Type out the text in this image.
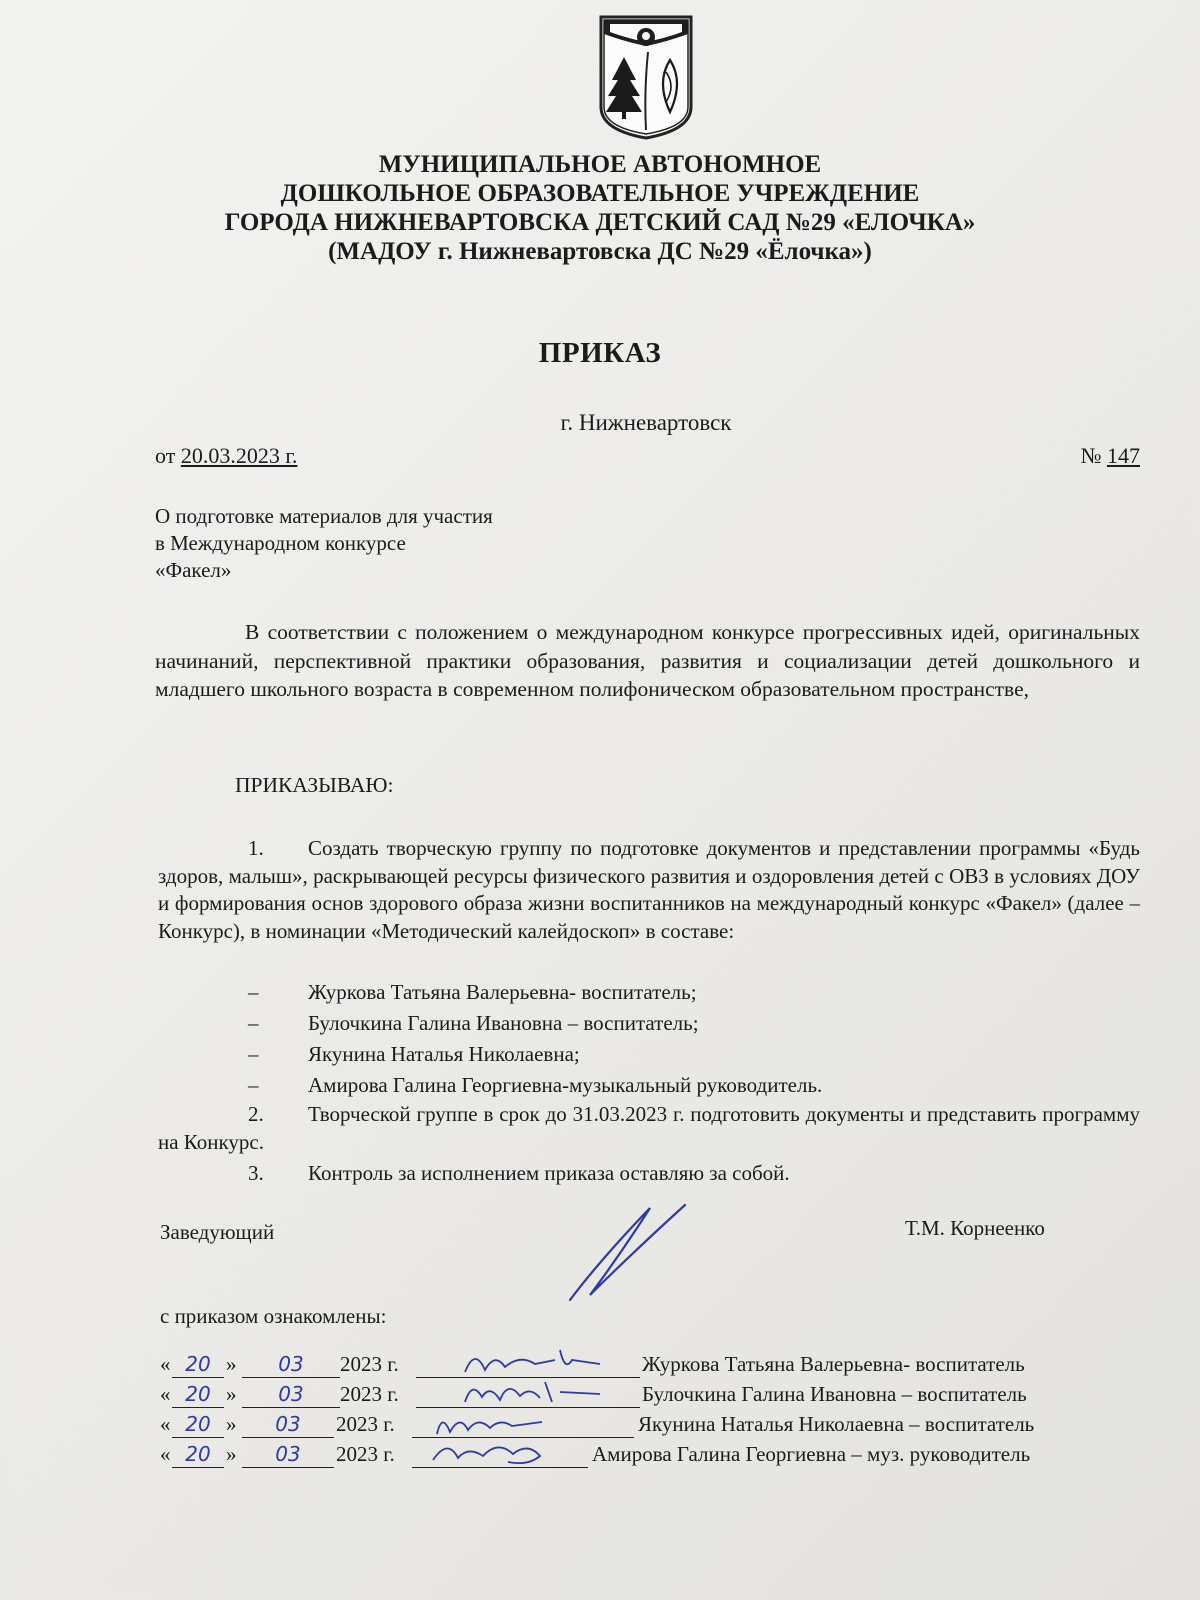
МУНИЦИПАЛЬНОЕ АВТОНОМНОЕ
ДОШКОЛЬНОЕ ОБРАЗОВАТЕЛЬНОЕ УЧРЕЖДЕНИЕ
ГОРОДА НИЖНЕВАРТОВСКА ДЕТСКИЙ САД №29 «ЕЛОЧКА»
(МАДОУ г. Нижневартовска ДС №29 «Ёлочка»)
ПРИКАЗ
г. Нижневартовск
от 20.03.2023 г.	№ 147
О подготовке материалов для участия
в Международном конкурсе
«Факел»
В соответствии с положением о международном конкурсе прогрессивных идей, оригинальных начинаний, перспективной практики образования, развития и социализации детей дошкольного и младшего школьного возраста в современном полифоническом образовательном пространстве,
ПРИКАЗЫВАЮ:
1. Создать творческую группу по подготовке документов и представлении программы «Будь здоров, малыш», раскрывающей ресурсы физического развития и оздоровления детей с ОВЗ в условиях ДОУ и формирования основ здорового образа жизни воспитанников на международный конкурс «Факел» (далее – Конкурс), в номинации «Методический калейдоскоп» в составе:
– Журкова Татьяна Валерьевна- воспитатель;
– Булочкина Галина Ивановна – воспитатель;
– Якунина Наталья Николаевна;
– Амирова Галина Георгиевна-музыкальный руководитель.
2. Творческой группе в срок до 31.03.2023 г. подготовить документы и представить программу на Конкурс.
3. Контроль за исполнением приказа оставляю за собой.
Заведующий	Т.М. Корнеенко
с приказом ознакомлены:
« 20 »	03	2023 г.	Журкова Татьяна Валерьевна- воспитатель
« 20 »	03	2023 г.	Булочкина Галина Ивановна – воспитатель
« 20 »	03	2023 г.	Якунина Наталья Николаевна – воспитатель
« 20 »	03	2023 г.	Амирова Галина Георгиевна – муз. руководитель
